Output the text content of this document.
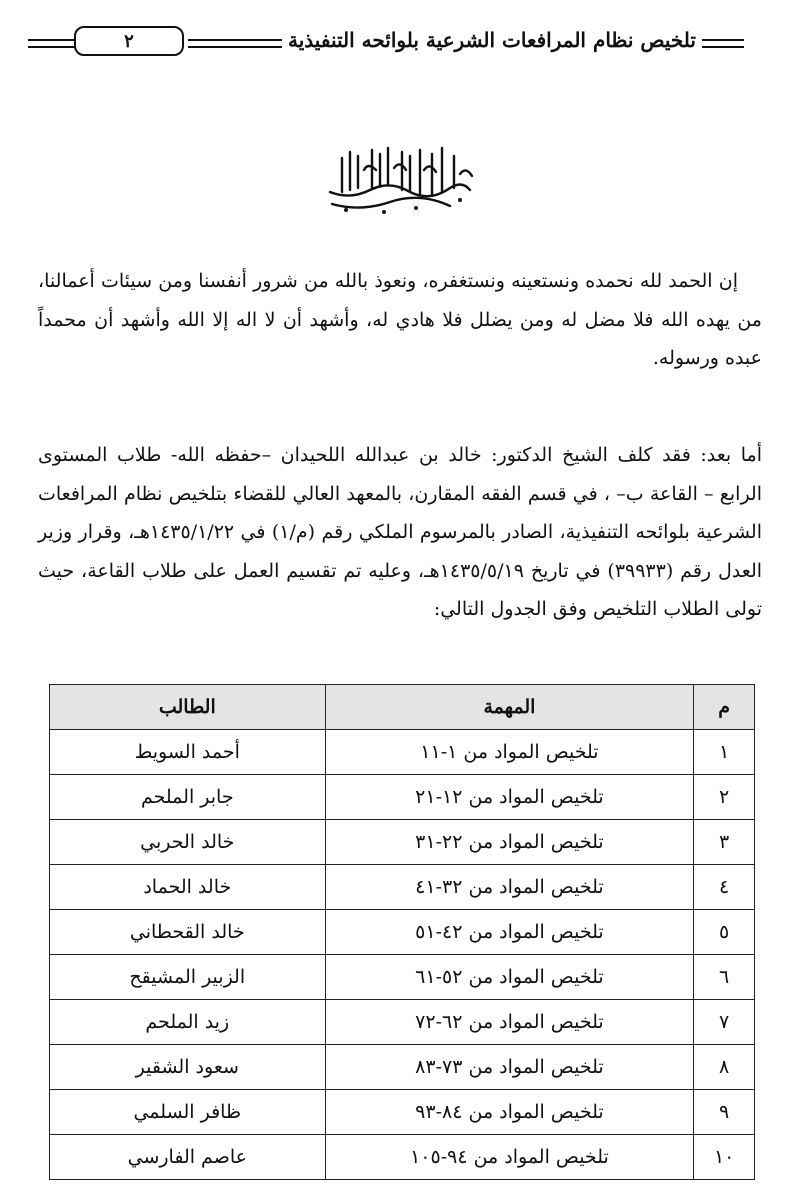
٢	تلخيص نظام المرافعات الشرعية بلوائحه التنفيذية

إن الحمد لله نحمده ونستعينه ونستغفره، ونعوذ بالله من شرور أنفسنا ومن سيئات أعمالنا، من يهده الله فلا مضل له ومن يضلل فلا هادي له، وأشهد أن لا اله إلا الله وأشهد أن محمداً عبده ورسوله.

أما بعد: فقد كلف الشيخ الدكتور: خالد بن عبدالله اللحيدان –حفظه الله- طلاب المستوى الرابع – القاعة ب– ، في قسم الفقه المقارن، بالمعهد العالي للقضاء بتلخيص نظام المرافعات الشرعية بلوائحه التنفيذية، الصادر بالمرسوم الملكي رقم (م/١) في ١٤٣٥/١/٢٢هـ، وقرار وزير العدل رقم (٣٩٩٣٣) في تاريخ ١٤٣٥/٥/١٩هـ، وعليه تم تقسيم العمل على طلاب القاعة، حيث تولى الطلاب التلخيص وفق الجدول التالي:

م	المهمة	الطالب
١	تلخيص المواد من ١-١١	أحمد السويط
٢	تلخيص المواد من ١٢-٢١	جابر الملحم
٣	تلخيص المواد من ٢٢-٣١	خالد الحربي
٤	تلخيص المواد من ٣٢-٤١	خالد الحماد
٥	تلخيص المواد من ٤٢-٥١	خالد القحطاني
٦	تلخيص المواد من ٥٢-٦١	الزبير المشيقح
٧	تلخيص المواد من ٦٢-٧٢	زيد الملحم
٨	تلخيص المواد من ٧٣-٨٣	سعود الشقير
٩	تلخيص المواد من ٨٤-٩٣	ظافر السلمي
١٠	تلخيص المواد من ٩٤-١٠٥	عاصم الفارسي
